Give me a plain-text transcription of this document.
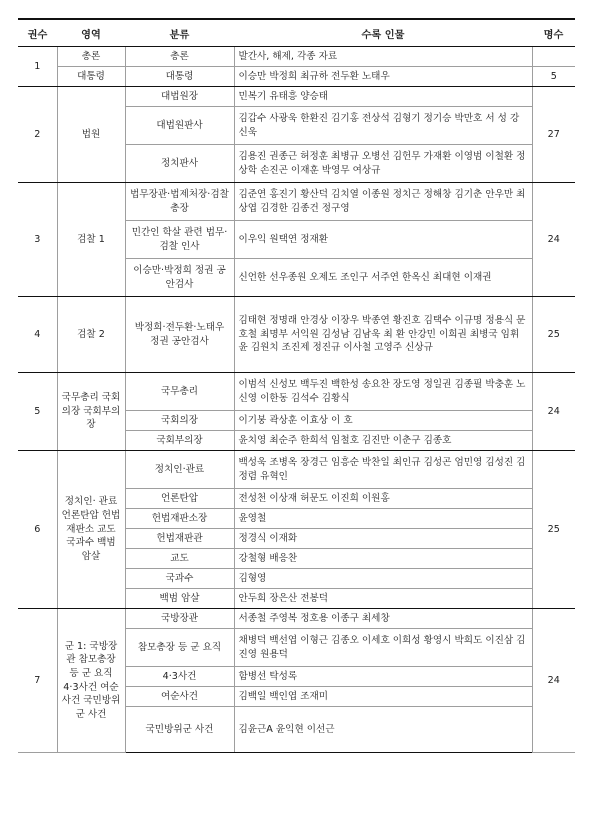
권수	영역	분류	수록 인물	명수
1	총론	총론	발간사, 해제, 각종 자료	
	대통령	대통령	이승만 박정희 최규하 전두환 노태우	5
2	법원	대법원장	민복기 유태흥 양승태	27
		대법원판사	김갑수 사광욱 한환진 김기홍 전상석 김형기 정기승 박만호 서 성 강신욱	
		정치판사	김용진 권종근 허정훈 최병규 오병선 김헌무 가재환 이영범 이철환 정상학 손진곤 이재훈 박영무 여상규	
3	검찰 1	법무장관·법제처장·검찰총장	김준연 홍진기 황산덕 김치열 이종원 정치근 정해창 김기춘 안우만 최상엽 김경한 김종건 정구영	24
		민간인 학살 관련 법무·검찰 인사	이우익 원택연 정재환	
		이승만·박정희 정권 공안검사	신언한 선우종원 오제도 조인구 서주연 한옥신 최대현 이재권	
4	검찰 2	박정희·전두환·노태우 정권 공안검사	김태현 정명래 안경상 이장우 박종연 황진호 김택수 이규명 정용식 문호철 최명부 서익원 김성남 김남욱 최 환 안강민 이희권 최병국 임휘윤 김원치 조진제 정진규 이사철 고영주 신상규	25
5	국무총리 국회의장 국회부의장	국무총리	이범석 신성모 백두진 백한성 송요찬 장도영 정일권 김종필 박충훈 노신영 이한동 김석수 김황식	24
		국회의장	이기붕 곽상훈 이효상 이 호	
		국회부의장	윤치영 최순주 한희석 임철호 김진만 이춘구 김종호	
6	정치인· 관료 언론탄압 헌법재판소 교도 국과수 백범 암살	정치인·관료	백성욱 조병옥 장경근 임흥순 박찬일 최인규 김성곤 엄민영 김성진 김정렴 유혁인	25
		언론탄압	전성천 이상재 허문도 이진희 이원홍	
		헌법재판소장	윤영철	
		헌법재판관	정경식 이재화	
		교도	강철형 배응찬	
		국과수	김형영	
		백범 암살	안두희 장은산 전봉덕	
7	군 1: 국방장관 참모총장 등 군 요직 4·3사건 여순사건 국민방위군 사건	국방장관	서종철 주영복 정호용 이종구 최세창	24
		참모총장 등 군 요직	채병덕 백선엽 이형근 김종오 이세호 이희성 황영시 박희도 이진삼 김진영 원용덕	
		4·3사건	함병선 탁성록	
		여순사건	김백일 백인엽 조재미	
		국민방위군 사건	김윤근A 윤익현 이선근	
